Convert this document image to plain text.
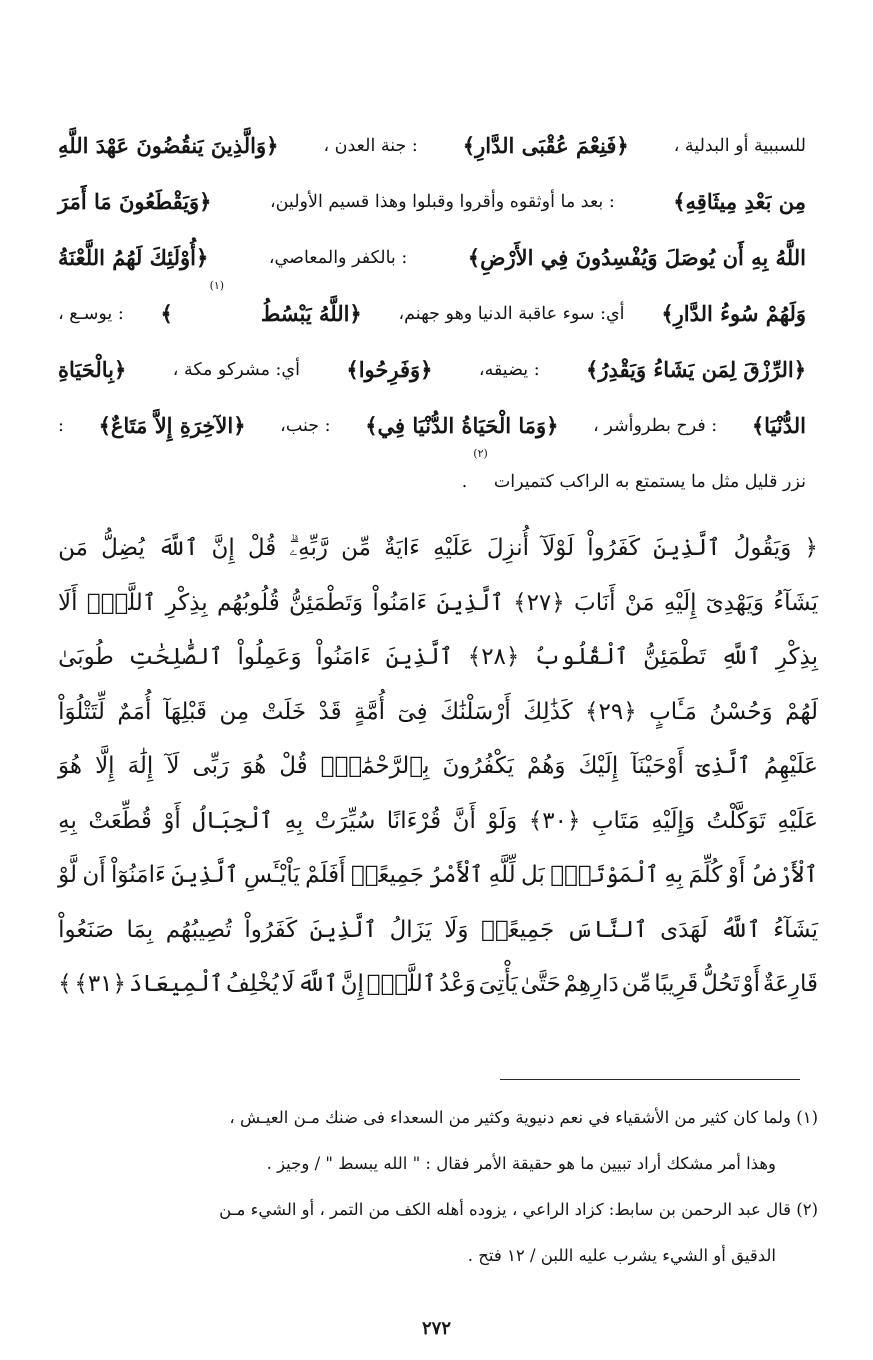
للسببية أو البدلية ،
﴿فَنِعْمَ عُقْبَى الدَّارِ﴾
: جنة العدن ،
﴿وَالَّذِينَ يَنقُضُونَ عَهْدَ اللَّهِ
مِن بَعْدِ مِيثَاقِهِ﴾
: بعد ما أوثقوه وأقروا وقبلوا وهذا قسيم الأولين،
﴿وَيَقْطَعُونَ مَا أَمَرَ
اللَّهُ بِهِ أَن يُوصَلَ وَيُفْسِدُونَ فِي الأَرْضِ﴾
: بالكفر والمعاصي،
﴿أُوْلَئِكَ لَهُمُ اللَّعْنَةُ
وَلَهُمْ سُوءُ الدَّارِ﴾
أي: سوء عاقبة الدنيا وهو جهنم،
﴿اللَّهُ يَبْسُطُ
(١)
﴾
: يوسـع ،
﴿الرِّزْقَ لِمَن يَشَاءُ وَيَقْدِرُ﴾
: يضيقه،
﴿وَفَرِحُوا﴾
أي: مشركو مكة ،
﴿بِالْحَيَاةِ
الدُّنْيَا﴾
: فرح بطروأشر ،
﴿وَمَا الْحَيَاةُ الدُّنْيَا فِي﴾
: جنب،
﴿الآخِرَةِ إِلاَّ مَتَاعٌ﴾
:
نزر قليل مثل ما يستمتع به الراكب كتميرات
(٢)
.
﴿
وَيَقُولُ
ٱلَّذِينَ
كَفَرُواْ
لَوْلَآ
أُنزِلَ
عَلَيْهِ
ءَايَةٌ
مِّن
رَّبِّهِۦۗ
قُلْ
إِنَّ
ٱللَّهَ
يُضِلُّ
مَن
يَشَآءُ
وَيَهْدِىٓ
إِلَيْهِ
مَنْ
أَنَابَ
﴿٢٧﴾
ٱلَّذِينَ
ءَامَنُواْ
وَتَطْمَئِنُّ
قُلُوبُهُم
بِذِكْرِ
ٱللَّهِۗ
أَلَا
بِذِكْرِ
ٱللَّهِ
تَطْمَئِنُّ
ٱلْقُلُوبُ
﴿٢٨﴾
ٱلَّذِينَ
ءَامَنُواْ
وَعَمِلُواْ
ٱلصَّٰلِحَٰتِ
طُوبَىٰ
لَهُمْ
وَحُسْنُ
مَـَٔابٍ
﴿٢٩﴾
كَذَٰلِكَ
أَرْسَلْنَٰكَ
فِىٓ
أُمَّةٍ
قَدْ
خَلَتْ
مِن
قَبْلِهَآ
أُمَمٌ
لِّتَتْلُوَاْ
عَلَيْهِمُ
ٱلَّذِىٓ
أَوْحَيْنَآ
إِلَيْكَ
وَهُمْ
يَكْفُرُونَ
بِٱلرَّحْمَٰنِۚ
قُلْ
هُوَ
رَبِّى
لَآ
إِلَٰهَ
إِلَّا
هُوَ
عَلَيْهِ
تَوَكَّلْتُ
وَإِلَيْهِ
مَتَابِ
﴿٣٠﴾
وَلَوْ
أَنَّ
قُرْءَانًا
سُيِّرَتْ
بِهِ
ٱلْجِبَالُ
أَوْ
قُطِّعَتْ
بِهِ
ٱلْأَرْضُ
أَوْ
كُلِّمَ
بِهِ
ٱلْمَوْتَىٰۗ
بَل
لِّلَّهِ
ٱلْأَمْرُ
جَمِيعًاۗ
أَفَلَمْ
يَاْيْـَٔسِ
ٱلَّذِينَ
ءَامَنُوٓاْ
أَن
لَّوْ
يَشَآءُ
ٱللَّهُ
لَهَدَى
ٱلنَّاسَ
جَمِيعًاۗ
وَلَا
يَزَالُ
ٱلَّذِينَ
كَفَرُواْ
تُصِيبُهُم
بِمَا
صَنَعُواْ
قَارِعَةٌ
أَوْ
تَحُلُّ
قَرِيبًا
مِّن
دَارِهِمْ
حَتَّىٰ
يَأْتِىَ
وَعْدُ
ٱللَّهِۚ
إِنَّ
ٱللَّهَ
لَا
يُخْلِفُ
ٱلْمِيعَادَ
﴿٣١﴾
﴾
(١) ولما كان كثير من الأشقياء في نعم دنيوية وكثير من السعداء فى ضنك مـن العيـش ،
وهذا أمر مشكك أراد تبيين ما هو حقيقة الأمر فقال : " الله يبسط " / وجيز .
(٢) قال عبد الرحمن بن سابط: كزاد الراعي ، يزوده أهله الكف من التمر ، أو الشيء مـن
الدقيق أو الشيء يشرب عليه اللبن / ١٢ فتح .
٢٧٢
